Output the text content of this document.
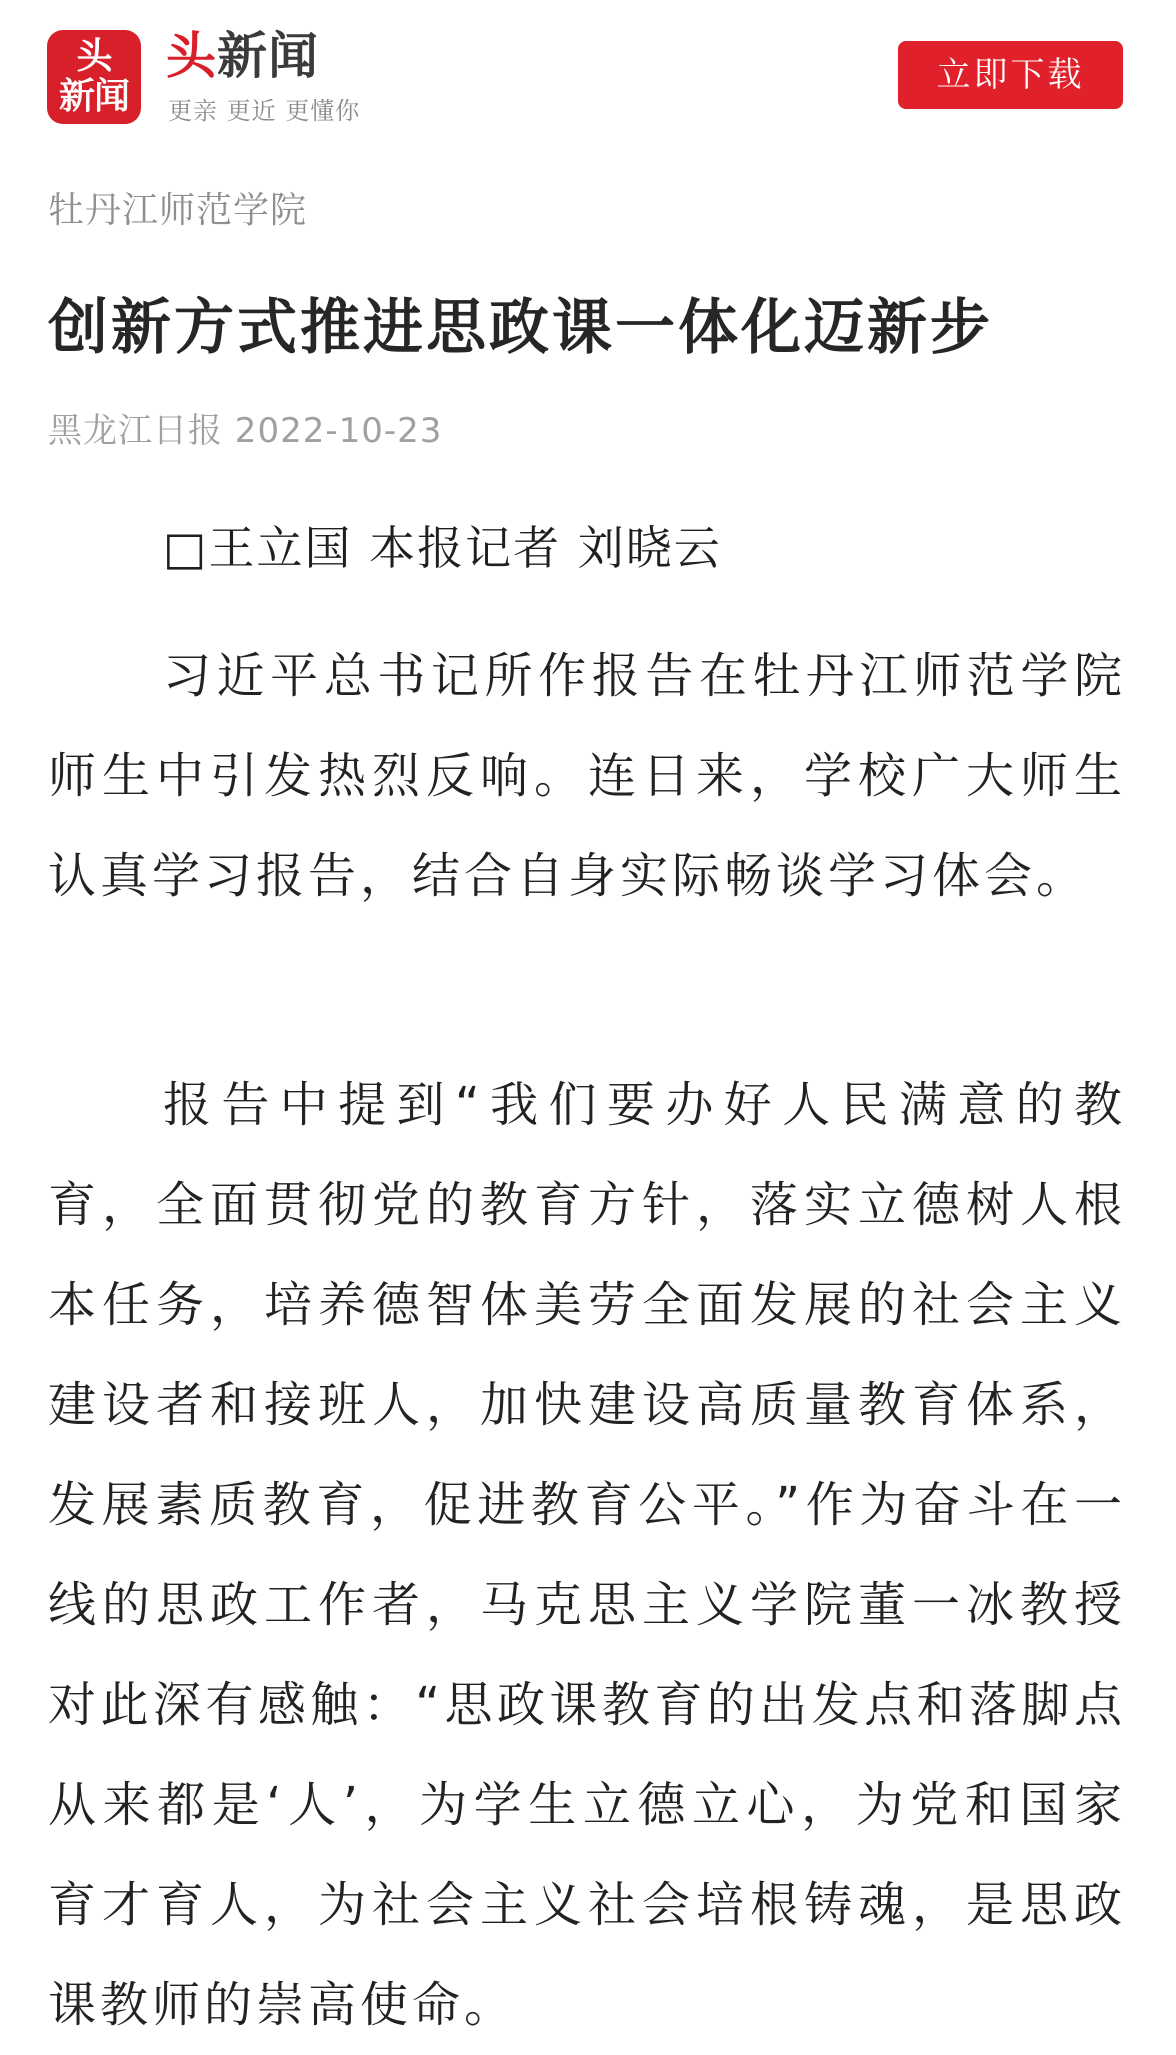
头
新闻
头新闻
更亲 更近 更懂你
立即下载
牡丹江师范学院
创新方式推进思政课一体化迈新步
黑龙江日报 2022-10-23
□王立国 本报记者 刘晓云

习近平总书记所作报告在牡丹江师范学院师生中引发热烈反响。连日来，学校广大师生认真学习报告，结合自身实际畅谈学习体会。

报告中提到“我们要办好人民满意的教育，全面贯彻党的教育方针，落实立德树人根本任务，培养德智体美劳全面发展的社会主义建设者和接班人，加快建设高质量教育体系，发展素质教育，促进教育公平。”作为奋斗在一线的思政工作者，马克思主义学院董一冰教授对此深有感触：“思政课教育的出发点和落脚点从来都是‘人’，为学生立德立心，为党和国家育才育人，为社会主义社会培根铸魂，是思政课教师的崇高使命。
